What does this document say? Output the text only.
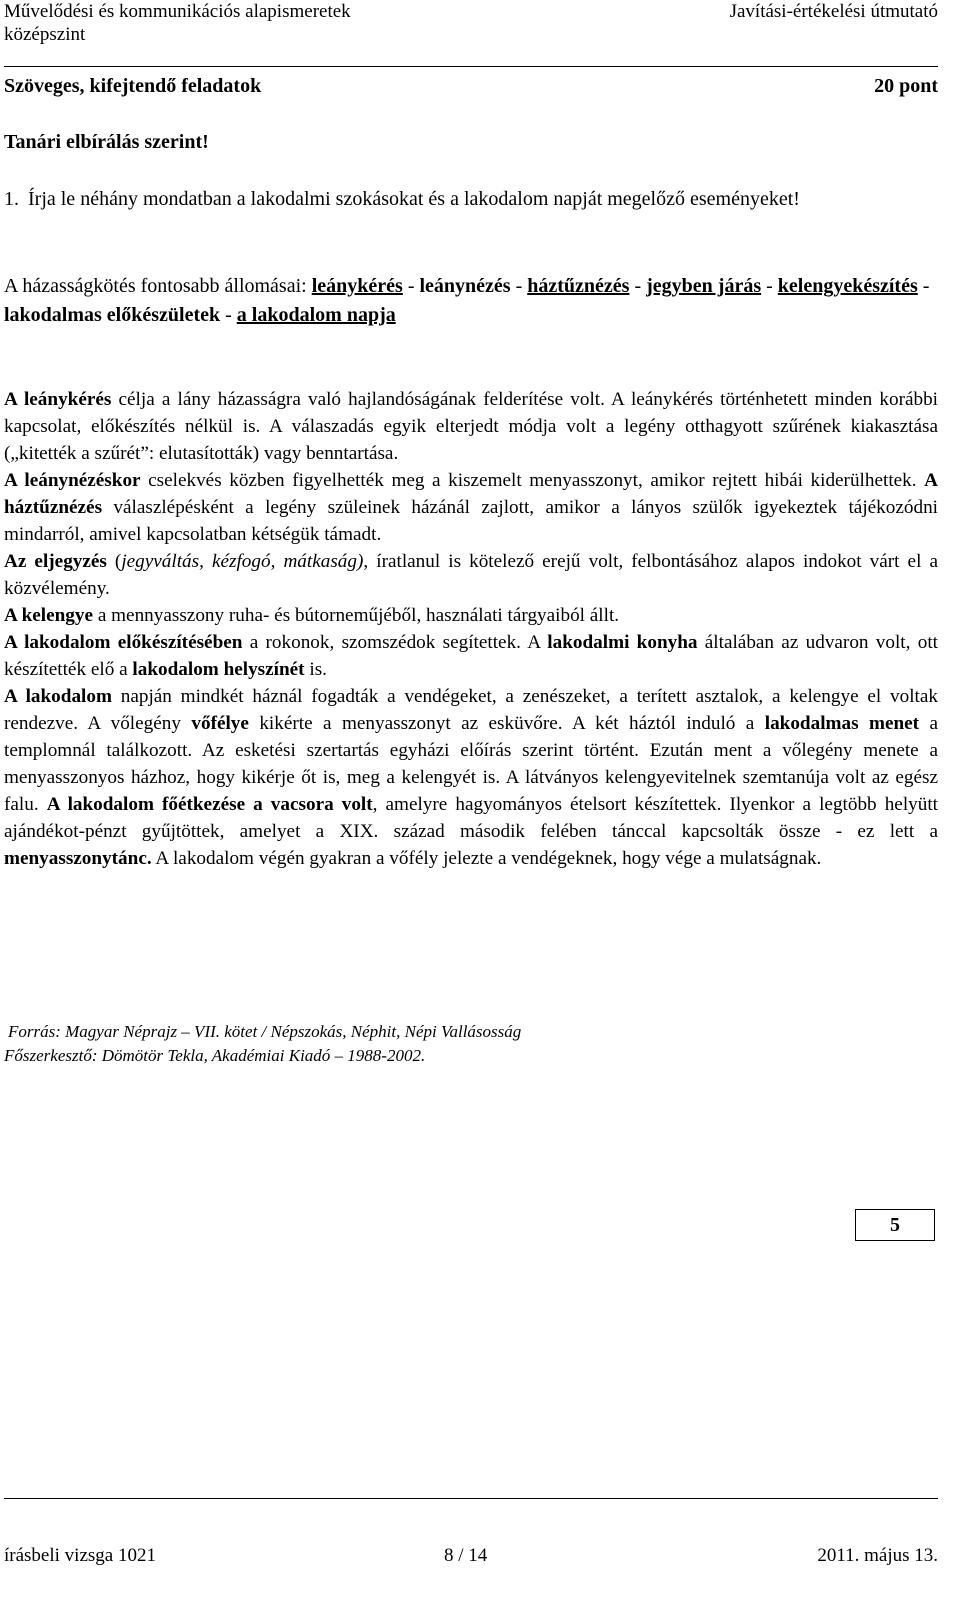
Művelődési és kommunikációs alapismeretek	Javítási-értékelési útmutató
középszint
Szöveges, kifejtendő feladatok	20 pont
Tanári elbírálás szerint!
1. Írja le néhány mondatban a lakodalmi szokásokat és a lakodalom napját megelőző eseményeket!
A házasságkötés fontosabb állomásai: leánykérés - leánynézés - háztűznézés - jegyben járás - kelengyekészítés - lakodalmas előkészületek - a lakodalom napja

A leánykérés célja a lány házasságra való hajlandóságának felderítése volt. A leánykérés történhetett minden korábbi kapcsolat, előkészítés nélkül is. A válaszadás egyik elterjedt módja volt a legény otthagyott szűrének kiakasztása („kitették a szűrét”: elutasították) vagy benntartása.

A leánynézéskor cselekvés közben figyelhették meg a kiszemelt menyasszonyt, amikor rejtett hibái kiderülhettek. A háztűznézés válaszlépésként a legény szüleinek házánál zajlott, amikor a lányos szülők igyekeztek tájékozódni mindarról, amivel kapcsolatban kétségük támadt.

Az eljegyzés (jegyváltás, kézfogó, mátkaság), íratlanul is kötelező erejű volt, felbontásához alapos indokot várt el a közvélemény.

A kelengye a mennyasszony ruha- és bútorneműjéből, használati tárgyaiból állt.

A lakodalom előkészítésében a rokonok, szomszédok segítettek. A lakodalmi konyha általában az udvaron volt, ott készítették elő a lakodalom helyszínét is.

A lakodalom napján mindkét háznál fogadták a vendégeket, a zenészeket, a terített asztalok, a kelengye el voltak rendezve. A vőlegény vőfélye kikérte a menyasszonyt az esküvőre. A két háztól induló a lakodalmas menet a templomnál találkozott. Az esketési szertartás egyházi előírás szerint történt. Ezután ment a vőlegény menete a menyasszonyos házhoz, hogy kikérje őt is, meg a kelengyét is. A látványos kelengyevitelnek szemtanúja volt az egész falu. A lakodalom főétkezése a vacsora volt, amelyre hagyományos ételsort készítettek. Ilyenkor a legtöbb helyütt ajándékot-pénzt gyűjtöttek, amelyet a XIX. század második felében tánccal kapcsolták össze - ez lett a menyasszonytánc. A lakodalom végén gyakran a vőfély jelezte a vendégeknek, hogy vége a mulatságnak.

Forrás: Magyar Néprajz – VII. kötet / Népszokás, Néphit, Népi Vallásosság
Főszerkesztő: Dömötör Tekla, Akadémiai Kiadó – 1988-2002.
5
írásbeli vizsga 1021	8 / 14	2011. május 13.
